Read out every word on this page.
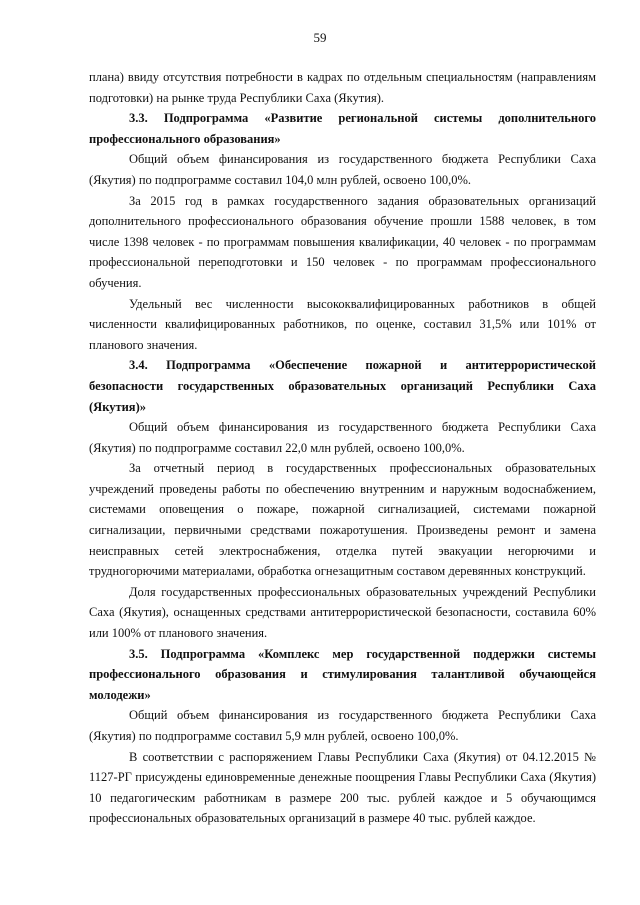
59

плана) ввиду отсутствия потребности в кадрах по отдельным специальностям (направлениям подготовки) на рынке труда Республики Саха (Якутия).

3.3. Подпрограмма «Развитие региональной системы дополнительного профессионального образования»

Общий объем финансирования из государственного бюджета Республики Саха (Якутия) по подпрограмме составил 104,0 млн рублей, освоено 100,0%.

За 2015 год в рамках государственного задания образовательных организаций дополнительного профессионального образования обучение прошли 1588 человек, в том числе 1398 человек - по программам повышения квалификации, 40 человек - по программам профессиональной переподготовки и 150 человек - по программам профессионального обучения.

Удельный вес численности высококвалифицированных работников в общей численности квалифицированных работников, по оценке, составил 31,5% или 101% от планового значения.

3.4. Подпрограмма «Обеспечение пожарной и антитеррористической безопасности государственных образовательных организаций Республики Саха (Якутия)»

Общий объем финансирования из государственного бюджета Республики Саха (Якутия) по подпрограмме составил 22,0 млн рублей, освоено 100,0%.

За отчетный период в государственных профессиональных образовательных учреждений проведены работы по обеспечению внутренним и наружным водоснабжением, системами оповещения о пожаре, пожарной сигнализацией, системами пожарной сигнализации, первичными средствами пожаротушения. Произведены ремонт и замена неисправных сетей электроснабжения, отделка путей эвакуации негорючими и трудногорючими материалами, обработка огнезащитным составом деревянных конструкций.

Доля государственных профессиональных образовательных учреждений Республики Саха (Якутия), оснащенных средствами антитеррористической безопасности, составила 60% или 100% от планового значения.

3.5. Подпрограмма «Комплекс мер государственной поддержки системы профессионального образования и стимулирования талантливой обучающейся молодежи»

Общий объем финансирования из государственного бюджета Республики Саха (Якутия) по подпрограмме составил 5,9 млн рублей, освоено 100,0%.

В соответствии с распоряжением Главы Республики Саха (Якутия) от 04.12.2015 № 1127-РГ присуждены единовременные денежные поощрения Главы Республики Саха (Якутия) 10 педагогическим работникам в размере 200 тыс. рублей каждое и 5 обучающимся профессиональных образовательных организаций в размере 40 тыс. рублей каждое.
